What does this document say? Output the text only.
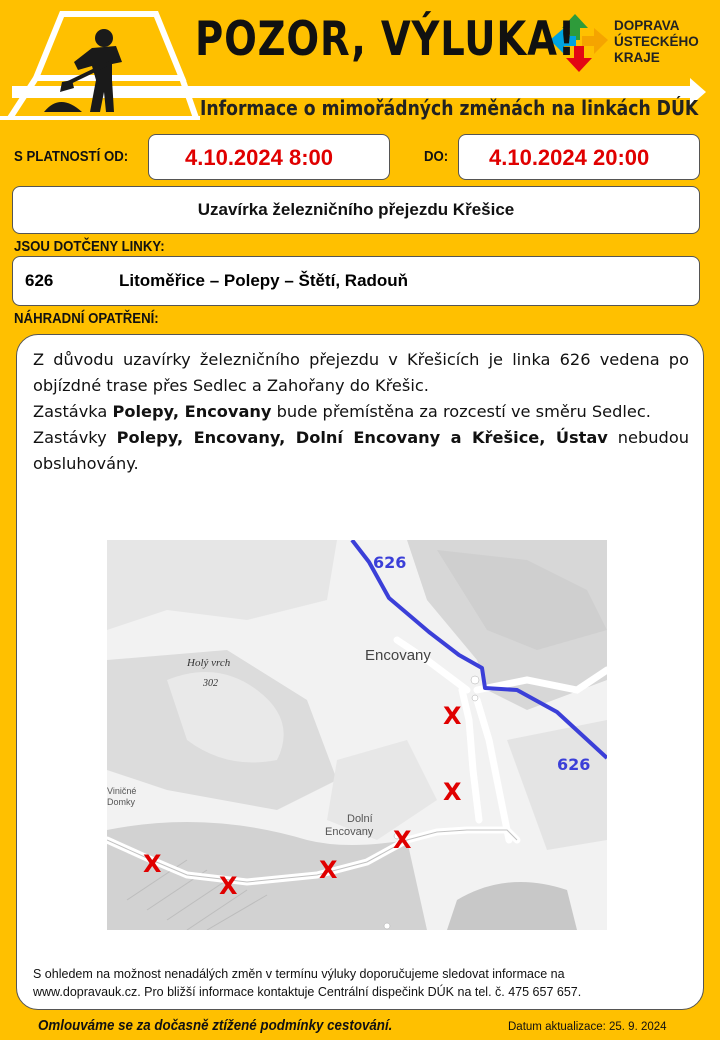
POZOR, VÝLUKA!
Informace o mimořádných změnách na linkách DÚK
DOPRAVA
ÚSTECKÉHO
KRAJE
S PLATNOSTÍ OD:	4.10.2024 8:00	DO: 4.10.2024 20:00
Uzavírka železničního přejezdu Křešice
JSOU DOTČENY LINKY:
626	Litoměřice – Polepy – Štětí, Radouň
NÁHRADNÍ OPATŘENÍ:

Z důvodu uzavírky železničního přejezdu v Křešicích je linka 626 vedena po objízdné trase přes Sedlec a Zahořany do Křešic.

Zastávka Polepy, Encovany bude přemístěna za rozcestí ve směru Sedlec.

Zastávky Polepy, Encovany, Dolní Encovany a Křešice, Ústav nebudou obsluhovány.

Encovany
Holý vrch
302
Viničné
Domky
Dolní
Encovany
626
626
X
X
X
X
X
X
S ohledem na možnost nenadálých změn v termínu výluky doporučujeme sledovat informace na
www.dopravauk.cz. Pro bližší informace kontaktuje Centrální dispečink DÚK na tel. č. 475 657 657.
Omlouváme se za dočasně ztížené podmínky cestování.	Datum aktualizace: 25. 9. 2024
